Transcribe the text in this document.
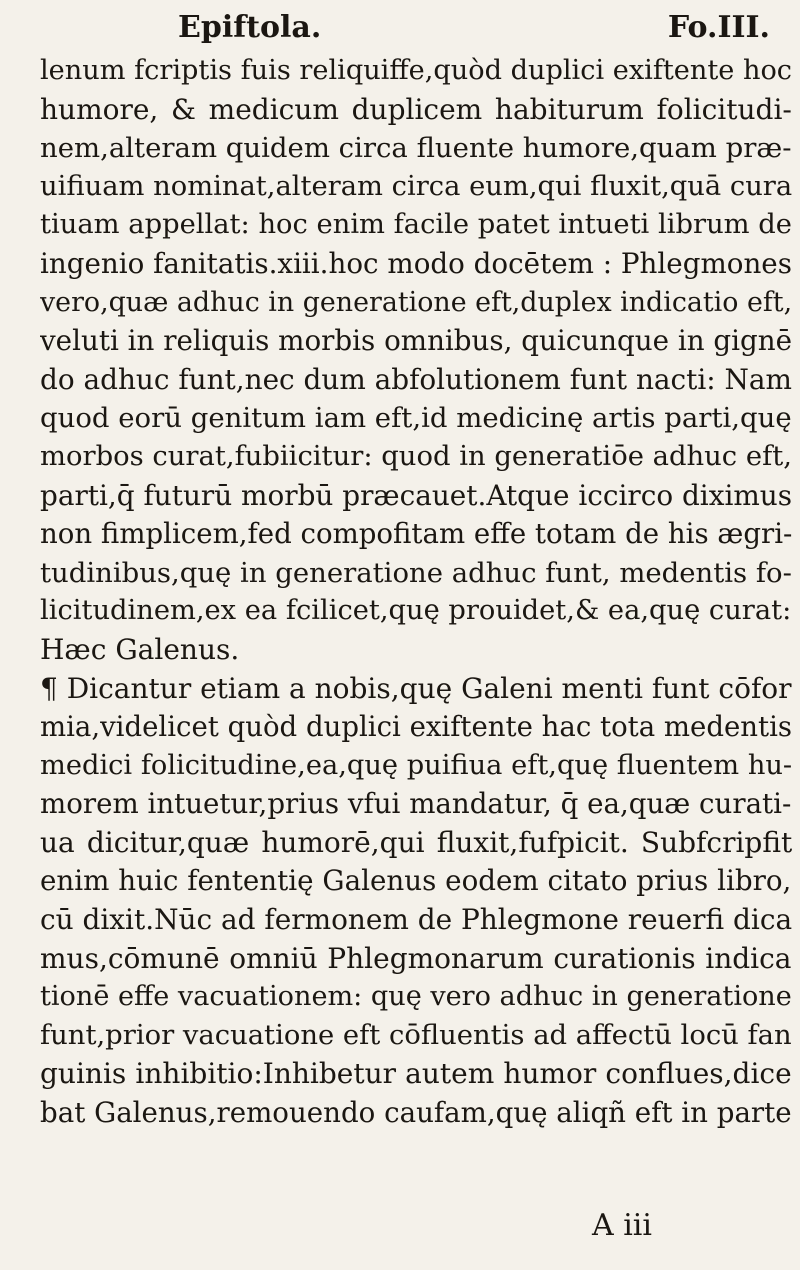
Epiftola.	Fo.III.
lenum fcriptis fuis reliquiffe,quòd duplici exiftente hoc
humore, & medicum duplicem habiturum folicitudi‑
nem,alteram quidem circa fluente humore,quam præ‑
uifiuam nominat,alteram circa eum,qui fluxit,quā cura
tiuam appellat: hoc enim facile patet intueti librum de
ingenio fanitatis.xiii.hoc modo docētem : Phlegmones
vero,quæ adhuc in generatione eft,duplex indicatio eft,
veluti in reliquis morbis omnibus, quicunque in gignē
do adhuc funt,nec dum abfolutionem funt nacti: Nam
quod eorū genitum iam eft,id medicinę artis parti,quę
morbos curat,fubiicitur: quod in generatiōe adhuc eft,
parti,q̄ futurū morbū præcauet.Atque iccirco diximus
non fimplicem,fed compofitam effe totam de his ægri‑
tudinibus,quę in generatione adhuc funt, medentis fo‑
licitudinem,ex ea fcilicet,quę prouidet,& ea,quę curat:
Hæc Galenus.
¶ Dicantur etiam a nobis,quę Galeni menti funt cōfor
mia,videlicet quòd duplici exiftente hac tota medentis
medici folicitudine,ea,quę puifiua eft,quę fluentem hu‑
morem intuetur,prius vfui mandatur, q̄ ea,quæ curati‑
ua dicitur,quæ humorē,qui fluxit,fufpicit. Subfcripfit
enim huic fententię Galenus eodem citato prius libro,
cū dixit.Nūc ad fermonem de Phlegmone reuerfi dica
mus,cōmunē omniū Phlegmonarum curationis indica
tionē effe vacuationem: quę vero adhuc in generatione
funt,prior vacuatione eft cōfluentis ad affectū locū fan
guinis inhibitio:Inhibetur autem humor conflues,dice
bat Galenus,remouendo caufam,quę aliqñ eft in parte
A iii
